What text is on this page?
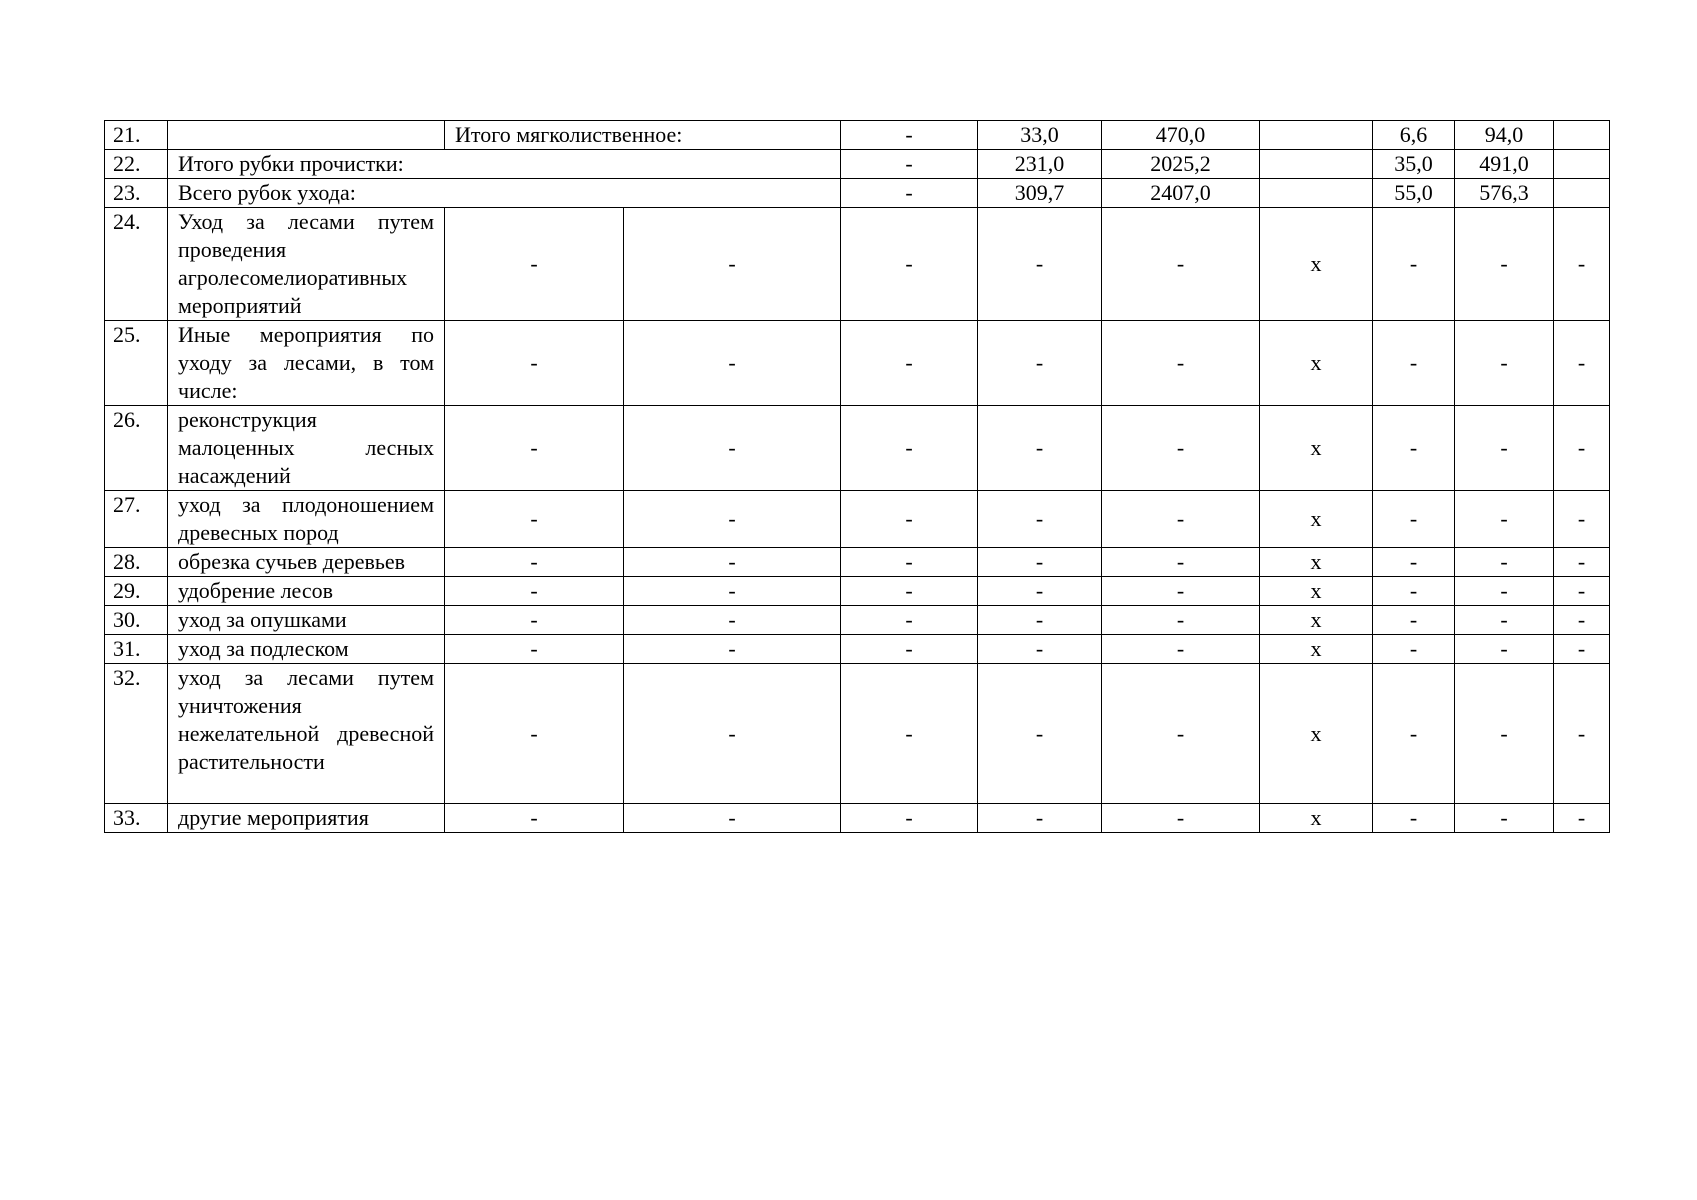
21.		Итого мягколиственное:		-	33,0	470,0		6,6	94,0	
22.	Итого рубки прочистки:			-	231,0	2025,2		35,0	491,0	
23.	Всего рубок ухода:			-	309,7	2407,0		55,0	576,3	
24.	Уход за лесами путем проведения агролесомелиоративных мероприятий	-	-	-	-	-	х	-	-	-
25.	Иные мероприятия по уходу за лесами, в том числе:	-	-	-	-	-	х	-	-	-
26.	реконструкция малоценных лесных насаждений	-	-	-	-	-	х	-	-	-
27.	уход за плодоношением древесных пород	-	-	-	-	-	х	-	-	-
28.	обрезка сучьев деревьев	-	-	-	-	-	х	-	-	-
29.	удобрение лесов	-	-	-	-	-	х	-	-	-
30.	уход за опушками	-	-	-	-	-	х	-	-	-
31.	уход за подлеском	-	-	-	-	-	х	-	-	-
32.	уход за лесами путем уничтожения нежелательной древесной растительности	-	-	-	-	-	х	-	-	-
33.	другие мероприятия	-	-	-	-	-	х	-	-	-
